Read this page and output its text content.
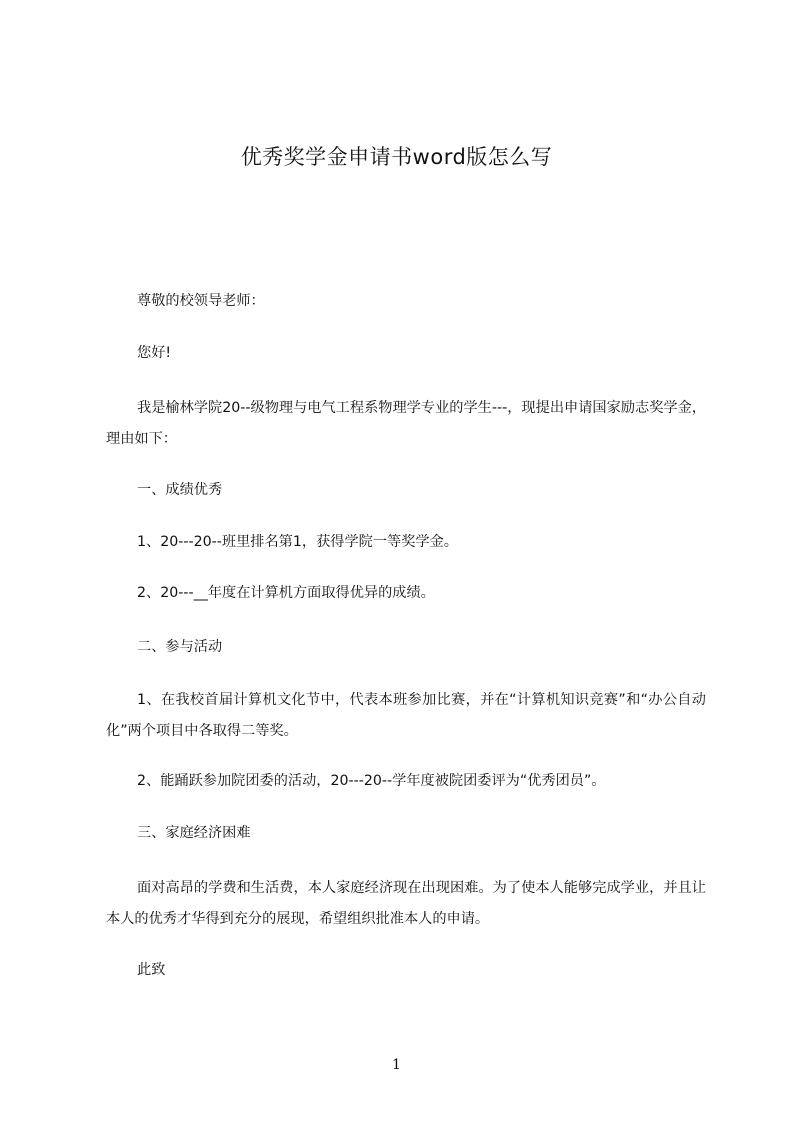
优秀奖学金申请书word版怎么写

尊敬的校领导老师：

您好!

我是榆林学院20--级物理与电气工程系物理学专业的学生---，现提出申请国家励志奖学金，理由如下：

一、成绩优秀

1、20---20--班里排名第1，获得学院一等奖学金。

2、20---__年度在计算机方面取得优异的成绩。

二、参与活动

1、在我校首届计算机文化节中，代表本班参加比赛，并在“计算机知识竞赛”和“办公自动化”两个项目中各取得二等奖。

2、能踊跃参加院团委的活动，20---20--学年度被院团委评为“优秀团员”。

三、家庭经济困难

面对高昂的学费和生活费，本人家庭经济现在出现困难。为了使本人能够完成学业，并且让本人的优秀才华得到充分的展现，希望组织批准本人的申请。

此致

1
